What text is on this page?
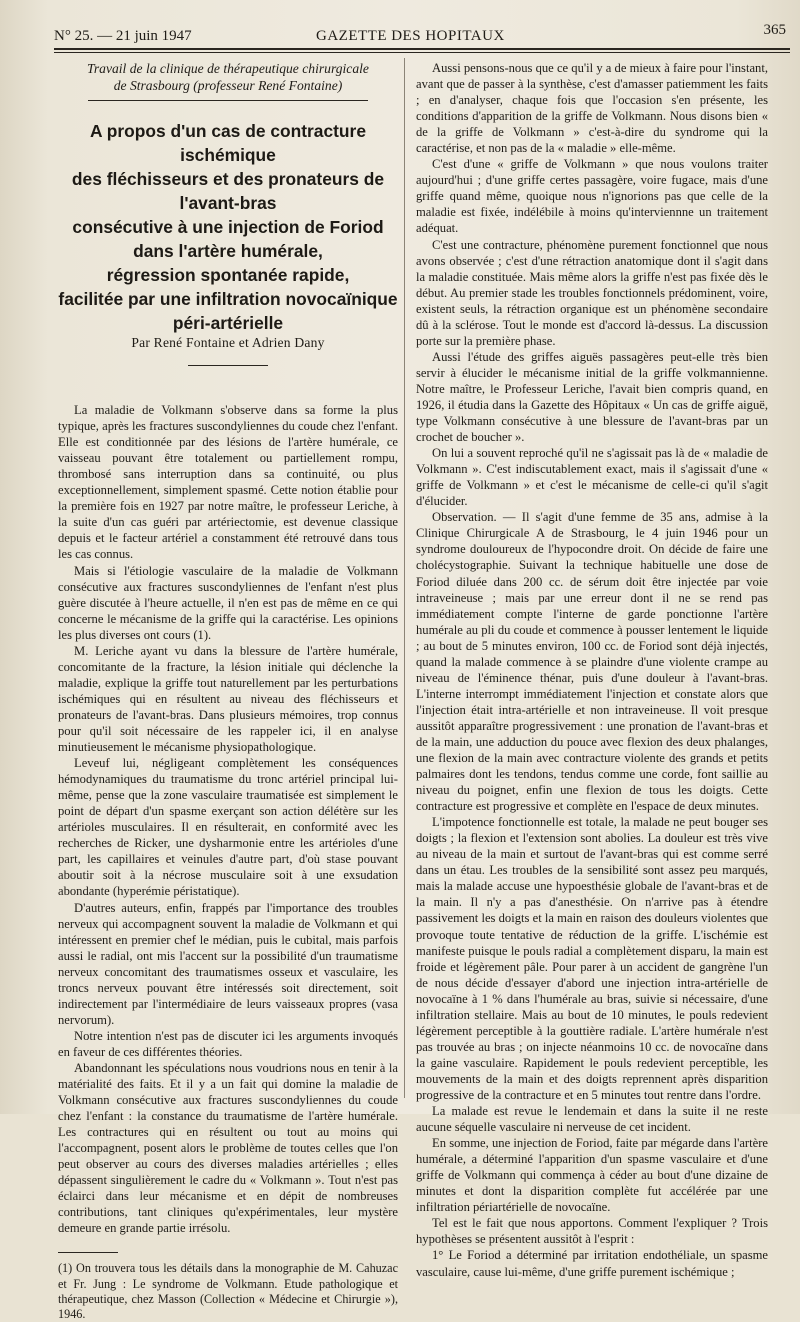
N° 25. — 21 juin 1947	GAZETTE DES HOPITAUX	365

Travail de la clinique de thérapeutique chirurgicale
de Strasbourg (professeur René Fontaine)

A propos d'un cas de contracture ischémique
des fléchisseurs et des pronateurs de l'avant-bras
consécutive à une injection de Foriod
dans l'artère humérale,
régression spontanée rapide,
facilitée par une infiltration novocaïnique
péri-artérielle

Par René Fontaine et Adrien Dany

La maladie de Volkmann s'observe dans sa forme la plus typique, après les fractures suscondyliennes du coude chez l'enfant. Elle est conditionnée par des lésions de l'artère humérale, ce vaisseau pouvant être totalement ou partiellement rompu, thrombosé sans interruption dans sa continuité, ou plus exceptionnellement, simplement spasmé. Cette notion établie pour la première fois en 1927 par notre maître, le professeur Leriche, à la suite d'un cas guéri par artériectomie, est devenue classique depuis et le facteur artériel a constamment été retrouvé dans tous les cas connus.

Mais si l'étiologie vasculaire de la maladie de Volkmann consécutive aux fractures suscondyliennes de l'enfant n'est plus guère discutée à l'heure actuelle, il n'en est pas de même en ce qui concerne le mécanisme de la griffe qui la caractérise. Les opinions les plus diverses ont cours (1).

M. Leriche ayant vu dans la blessure de l'artère humérale, concomitante de la fracture, la lésion initiale qui déclenche la maladie, explique la griffe tout naturellement par les perturbations ischémiques qui en résultent au niveau des fléchisseurs et pronateurs de l'avant-bras. Dans plusieurs mémoires, trop connus pour qu'il soit nécessaire de les rappeler ici, il en analyse minutieusement le mécanisme physiopathologique.

Leveuf lui, négligeant complètement les conséquences hémodynamiques du traumatisme du tronc artériel principal lui-même, pense que la zone vasculaire traumatisée est simplement le point de départ d'un spasme exerçant son action délétère sur les artérioles musculaires. Il en résulterait, en conformité avec les recherches de Ricker, une dysharmonie entre les artérioles d'une part, les capillaires et veinules d'autre part, d'où stase pouvant aboutir soit à la nécrose musculaire soit à une exsudation abondante (hyperémie péristatique).

D'autres auteurs, enfin, frappés par l'importance des troubles nerveux qui accompagnent souvent la maladie de Volkmann et qui intéressent en premier chef le médian, puis le cubital, mais parfois aussi le radial, ont mis l'accent sur la possibilité d'un traumatisme nerveux concomitant des traumatismes osseux et vasculaire, les troncs nerveux pouvant être intéressés soit directement, soit indirectement par l'intermédiaire de leurs vaisseaux propres (vasa nervorum).

Notre intention n'est pas de discuter ici les arguments invoqués en faveur de ces différentes théories.

Abandonnant les spéculations nous voudrions nous en tenir à la matérialité des faits. Et il y a un fait qui domine la maladie de Volkmann consécutive aux fractures suscondyliennes du coude chez l'enfant : la constance du traumatisme de l'artère humérale. Les contractures qui en résultent ou tout au moins qui l'accompagnent, posent alors le problème de toutes celles que l'on peut observer au cours des diverses maladies artérielles ; elles dépassent singulièrement le cadre du « Volkmann ». Tout n'est pas éclairci dans leur mécanisme et en dépit de nombreuses contributions, tant cliniques qu'expérimentales, leur mystère demeure en grande partie irrésolu.

(1) On trouvera tous les détails dans la monographie de M. Cahuzac et Fr. Jung : Le syndrome de Volkmann. Etude pathologique et thérapeutique, chez Masson (Collection « Médecine et Chirurgie »), 1946.

Aussi pensons-nous que ce qu'il y a de mieux à faire pour l'instant, avant que de passer à la synthèse, c'est d'amasser patiemment les faits ; en d'analyser, chaque fois que l'occasion s'en présente, les conditions d'apparition de la griffe de Volkmann. Nous disons bien « de la griffe de Volkmann » c'est-à-dire du syndrome qui la caractérise, et non pas de la « maladie » elle-même.

C'est d'une « griffe de Volkmann » que nous voulons traiter aujourd'hui ; d'une griffe certes passagère, voire fugace, mais d'une griffe quand même, quoique nous n'ignorions pas que celle de la maladie est fixée, indélébile à moins qu'interviennne un traitement adéquat.

C'est une contracture, phénomène purement fonctionnel que nous avons observée ; c'est d'une rétraction anatomique dont il s'agit dans la maladie constituée. Mais même alors la griffe n'est pas fixée dès le début. Au premier stade les troubles fonctionnels prédominent, voire, existent seuls, la rétraction organique est un phénomène secondaire dû à la sclérose. Tout le monde est d'accord là-dessus. La discussion porte sur la première phase.

Aussi l'étude des griffes aiguës passagères peut-elle très bien servir à élucider le mécanisme initial de la griffe volkmannienne. Notre maître, le Professeur Leriche, l'avait bien compris quand, en 1926, il étudia dans la Gazette des Hôpitaux « Un cas de griffe aiguë, type Volkmann consécutive à une blessure de l'avant-bras par un crochet de boucher ».

On lui a souvent reproché qu'il ne s'agissait pas là de « maladie de Volkmann ». C'est indiscutablement exact, mais il s'agissait d'une « griffe de Volkmann » et c'est le mécanisme de celle-ci qu'il s'agit d'élucider.

Observation. — Il s'agit d'une femme de 35 ans, admise à la Clinique Chirurgicale A de Strasbourg, le 4 juin 1946 pour un syndrome douloureux de l'hypocondre droit. On décide de faire une cholécystographie. Suivant la technique habituelle une dose de Foriod diluée dans 200 cc. de sérum doit être injectée par voie intraveineuse ; mais par une erreur dont il ne se rend pas immédiatement compte l'interne de garde ponctionne l'artère humérale au pli du coude et commence à pousser lentement le liquide ; au bout de 5 minutes environ, 100 cc. de Foriod sont déjà injectés, quand la malade commence à se plaindre d'une violente crampe au niveau de l'éminence thénar, puis d'une douleur à l'avant-bras. L'interne interrompt immédiatement l'injection et constate alors que l'injection était intra-artérielle et non intraveineuse. Il voit presque aussitôt apparaître progressivement : une pronation de l'avant-bras et de la main, une adduction du pouce avec flexion des deux phalanges, une flexion de la main avec contracture violente des grands et petits palmaires dont les tendons, tendus comme une corde, font saillie au niveau du poignet, enfin une flexion de tous les doigts. Cette contracture est progressive et complète en l'espace de deux minutes.

L'impotence fonctionnelle est totale, la malade ne peut bouger ses doigts ; la flexion et l'extension sont abolies. La douleur est très vive au niveau de la main et surtout de l'avant-bras qui est comme serré dans un étau. Les troubles de la sensibilité sont assez peu marqués, mais la malade accuse une hypoesthésie globale de l'avant-bras et de la main. Il n'y a pas d'anesthésie. On n'arrive pas à étendre passivement les doigts et la main en raison des douleurs violentes que provoque toute tentative de réduction de la griffe. L'ischémie est manifeste puisque le pouls radial a complètement disparu, la main est froide et légèrement pâle. Pour parer à un accident de gangrène l'un de nous décide d'essayer d'abord une injection intra-artérielle de novocaïne à 1 % dans l'humérale au bras, suivie si nécessaire, d'une infiltration stellaire. Mais au bout de 10 minutes, le pouls redevient légèrement perceptible à la gouttière radiale. L'artère humérale n'est pas trouvée au bras ; on injecte néanmoins 10 cc. de novocaïne dans la gaine vasculaire. Rapidement le pouls redevient perceptible, les mouvements de la main et des doigts reprennent après disparition progressive de la contracture et en 5 minutes tout rentre dans l'ordre.

La malade est revue le lendemain et dans la suite il ne reste aucune séquelle vasculaire ni nerveuse de cet incident.

En somme, une injection de Foriod, faite par mégarde dans l'artère humérale, a déterminé l'apparition d'un spasme vasculaire et d'une griffe de Volkmann qui commença à céder au bout d'une dizaine de minutes et dont la disparition complète fut accélérée par une infiltration périartérielle de novocaïne.

Tel est le fait que nous apportons. Comment l'expliquer ? Trois hypothèses se présentent aussitôt à l'esprit :

1° Le Foriod a déterminé par irritation endothéliale, un spasme vasculaire, cause lui-même, d'une griffe purement ischémique ;
